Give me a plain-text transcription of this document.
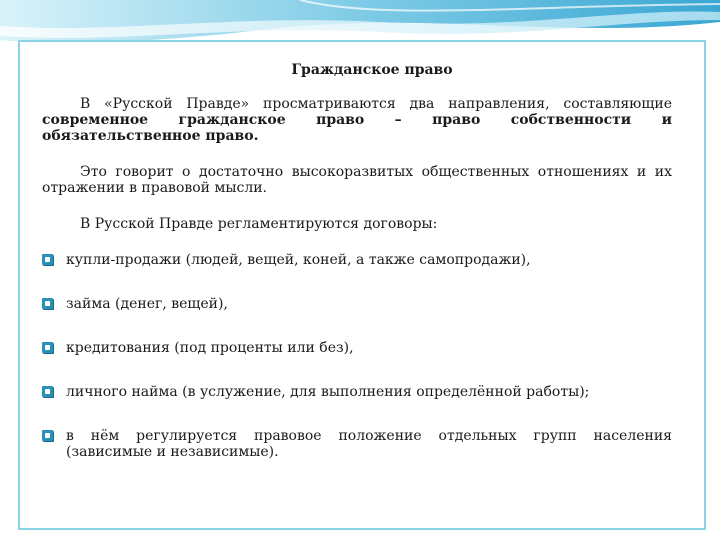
Гражданское право

В «Русской Правде» просматриваются два направления, составляющие современное гражданское право – право собственности и обязательственное право.

Это говорит о достаточно высокоразвитых общественных отношениях и их отражении в правовой мысли.

В Русской Правде регламентируются договоры:

купли-продажи (людей, вещей, коней, а также самопродажи),
займа (денег, вещей),
кредитования (под проценты или без),
личного найма (в услужение, для выполнения определённой работы);
в нём регулируется правовое положение отдельных групп населения (зависимые и независимые).
